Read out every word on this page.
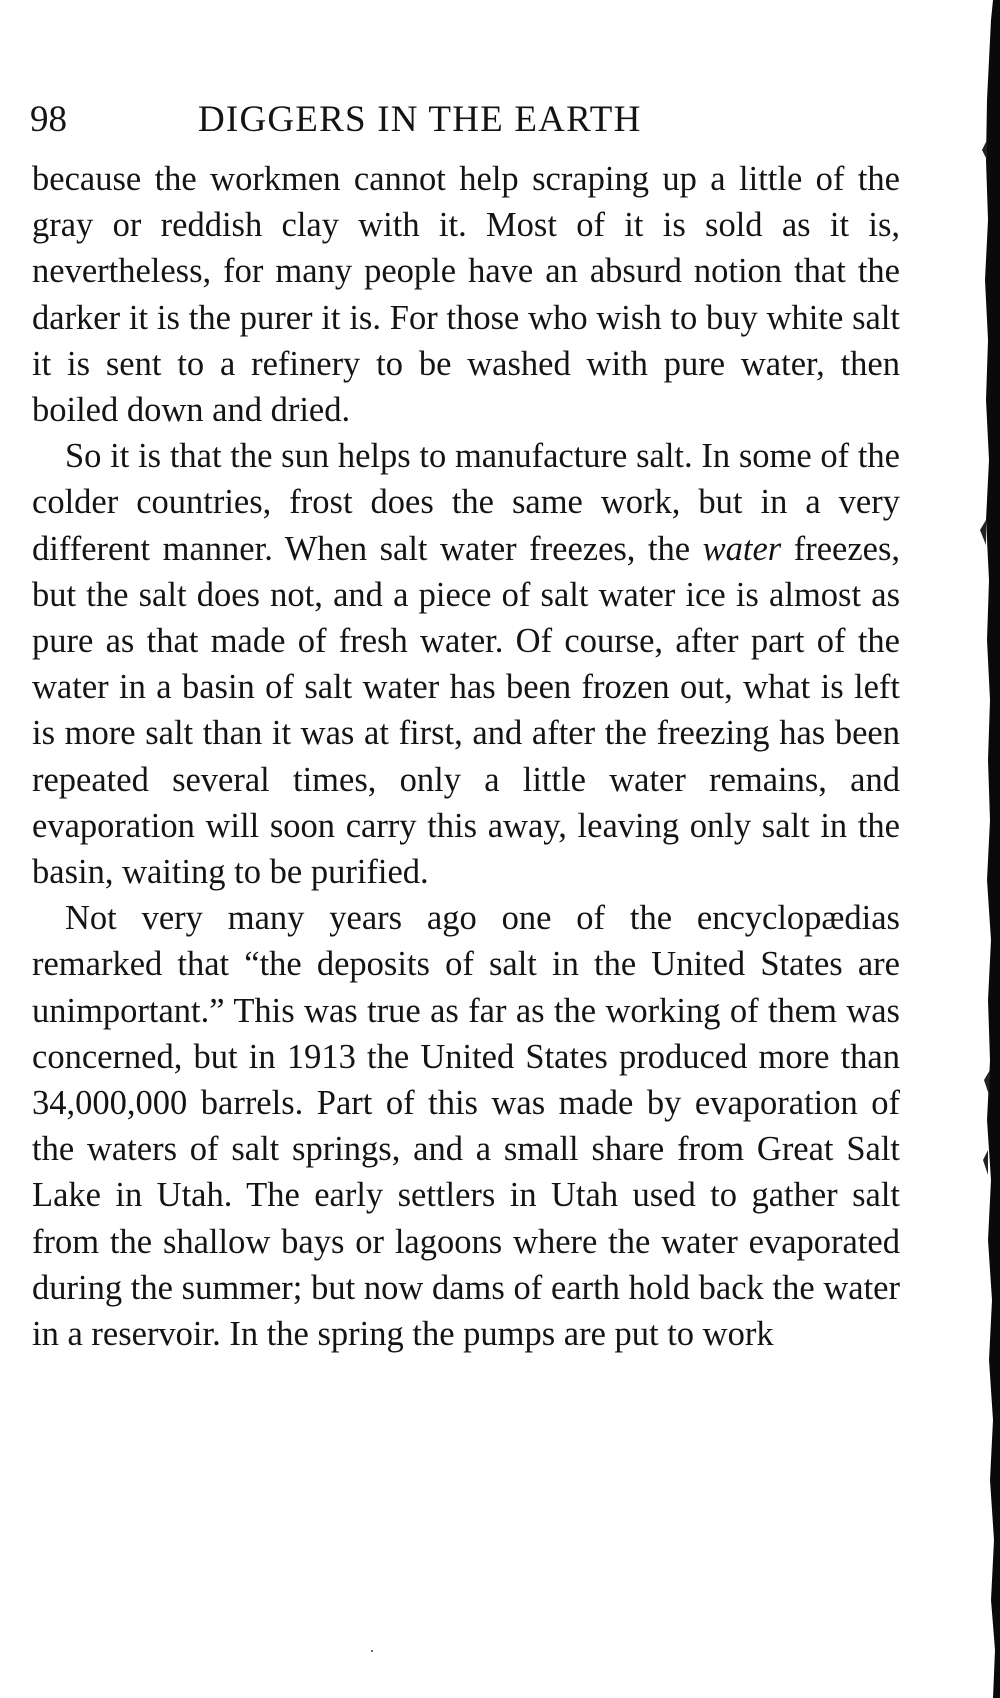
98	DIGGERS IN THE EARTH

because the workmen cannot help scraping up a little of the gray or reddish clay with it. Most of it is sold as it is, nevertheless, for many people have an absurd notion that the darker it is the purer it is. For those who wish to buy white salt it is sent to a refinery to be washed with pure water, then boiled down and dried.

So it is that the sun helps to manufacture salt. In some of the colder countries, frost does the same work, but in a very different manner. When salt water freezes, the water freezes, but the salt does not, and a piece of salt water ice is almost as pure as that made of fresh water. Of course, after part of the water in a basin of salt water has been frozen out, what is left is more salt than it was at first, and after the freezing has been repeated several times, only a little water remains, and evaporation will soon carry this away, leaving only salt in the basin, waiting to be purified.

Not very many years ago one of the encyclopædias remarked that “the deposits of salt in the United States are unimportant.” This was true as far as the working of them was concerned, but in 1913 the United States produced more than 34,000,000 barrels. Part of this was made by evaporation of the waters of salt springs, and a small share from Great Salt Lake in Utah. The early settlers in Utah used to gather salt from the shallow bays or lagoons where the water evaporated during the summer; but now dams of earth hold back the water in a reservoir. In the spring the pumps are put to work
